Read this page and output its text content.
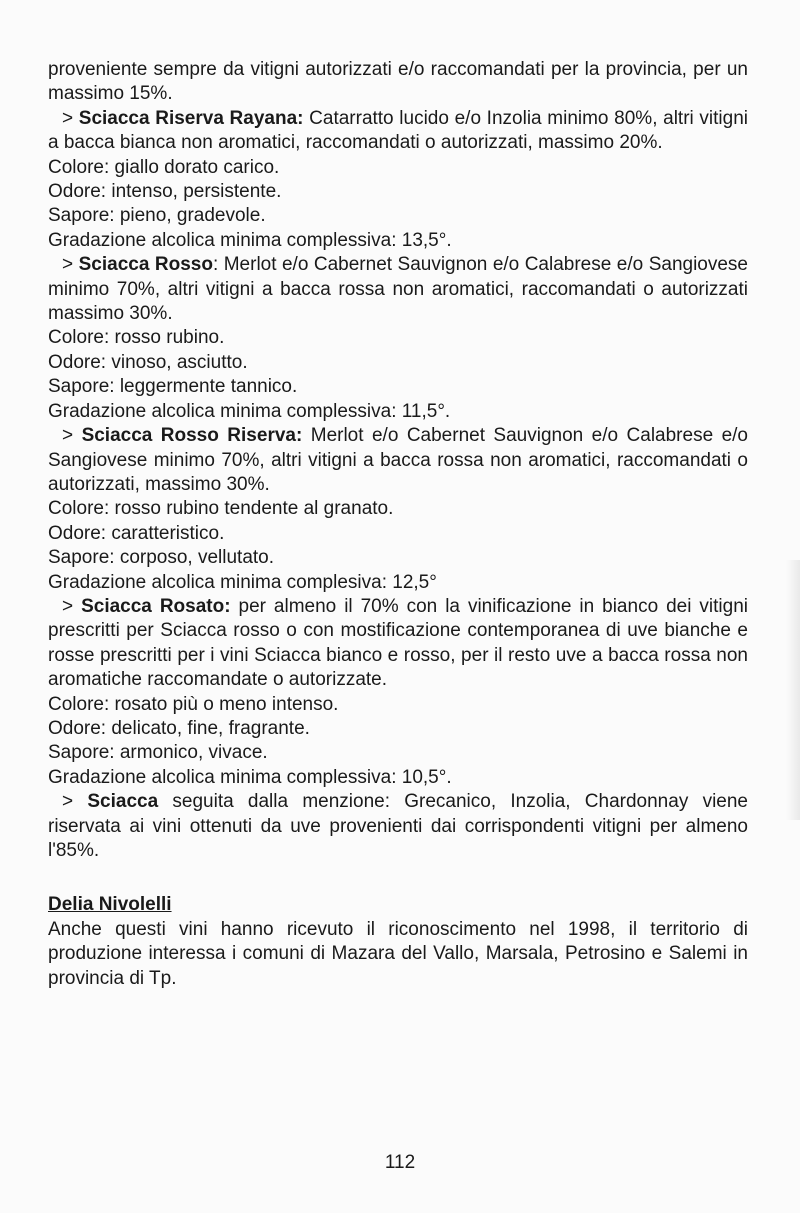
proveniente sempre da vitigni autorizzati e/o raccomandati per la provincia, per un massimo 15%.

> Sciacca Riserva Rayana: Catarratto lucido e/o Inzolia minimo 80%, altri vitigni a bacca bianca non aromatici, raccomandati o autorizzati, massimo 20%.

Colore: giallo dorato carico.

Odore: intenso, persistente.

Sapore: pieno, gradevole.

Gradazione alcolica minima complessiva: 13,5°.

> Sciacca Rosso: Merlot e/o Cabernet Sauvignon e/o Calabrese e/o Sangiovese minimo 70%, altri vitigni a bacca rossa non aromatici, raccomandati o autorizzati massimo 30%.

Colore: rosso rubino.

Odore: vinoso, asciutto.

Sapore: leggermente tannico.

Gradazione alcolica minima complessiva: 11,5°.

> Sciacca Rosso Riserva: Merlot e/o Cabernet Sauvignon e/o Calabrese e/o Sangiovese minimo 70%, altri vitigni a bacca rossa non aromatici, raccomandati o autorizzati, massimo 30%.

Colore: rosso rubino tendente al granato.

Odore: caratteristico.

Sapore: corposo, vellutato.

Gradazione alcolica minima complesiva: 12,5°

> Sciacca Rosato: per almeno il 70% con la vinificazione in bianco dei vitigni prescritti per Sciacca rosso o con mostificazione contemporanea di uve bianche e rosse prescritti per i vini Sciacca bianco e rosso, per il resto uve a bacca rossa non aromatiche raccomandate o autorizzate.

Colore: rosato più o meno intenso.

Odore: delicato, fine, fragrante.

Sapore: armonico, vivace.

Gradazione alcolica minima complessiva: 10,5°.

> Sciacca seguita dalla menzione: Grecanico, Inzolia, Chardonnay viene riservata ai vini ottenuti da uve provenienti dai corrispondenti vitigni per almeno l'85%.

Delia Nivolelli

Anche questi vini hanno ricevuto il riconoscimento nel 1998, il territorio di produzione interessa i comuni di Mazara del Vallo, Marsala, Petrosino e Salemi in provincia di Tp.

112
